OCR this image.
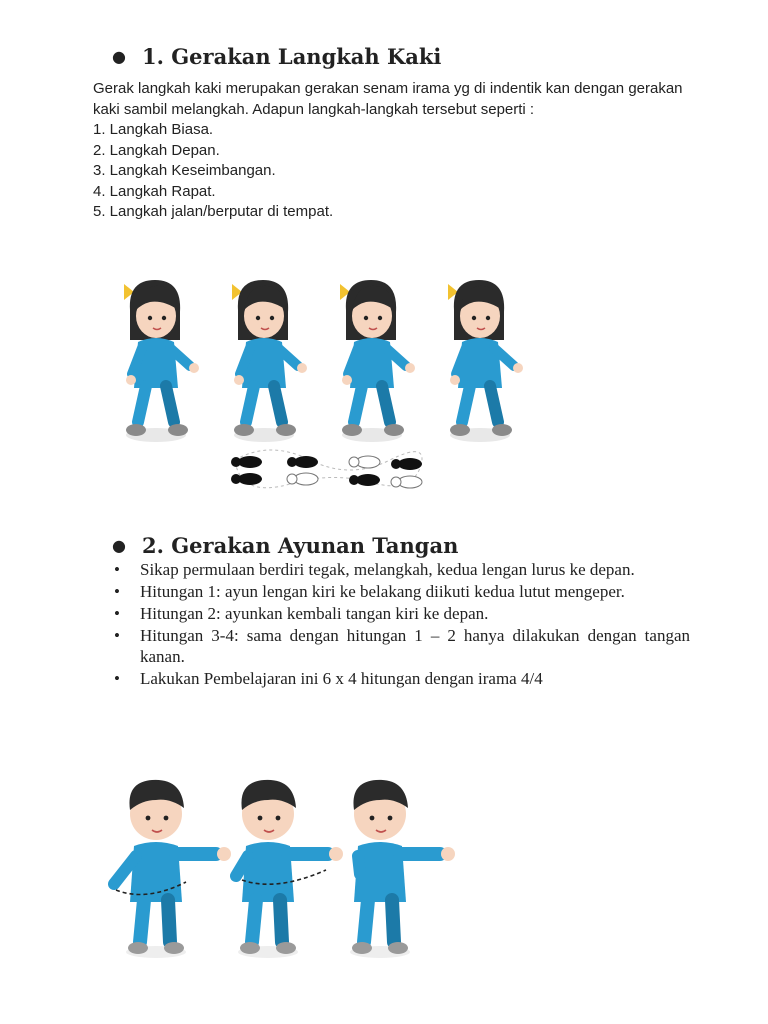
● 1. Gerakan Langkah Kaki

Gerak langkah kaki merupakan gerakan senam irama yg di indentik kan dengan gerakan kaki sambil melangkah. Adapun langkah-langkah tersebut seperti :

1. Langkah Biasa.
2. Langkah Depan.
3. Langkah Keseimbangan.
4. Langkah Rapat.
5. Langkah jalan/berputar di tempat.
● 2. Gerakan Ayunan Tangan
• Sikap permulaan berdiri tegak, melangkah, kedua lengan lurus ke depan.
• Hitungan 1: ayun lengan kiri ke belakang diikuti kedua lutut mengeper.
• Hitungan 2: ayunkan kembali tangan kiri ke depan.
• Hitungan 3-4: sama dengan hitungan 1 – 2 hanya dilakukan dengan tangan kanan.
• Lakukan Pembelajaran ini 6 x 4 hitungan dengan irama 4/4
